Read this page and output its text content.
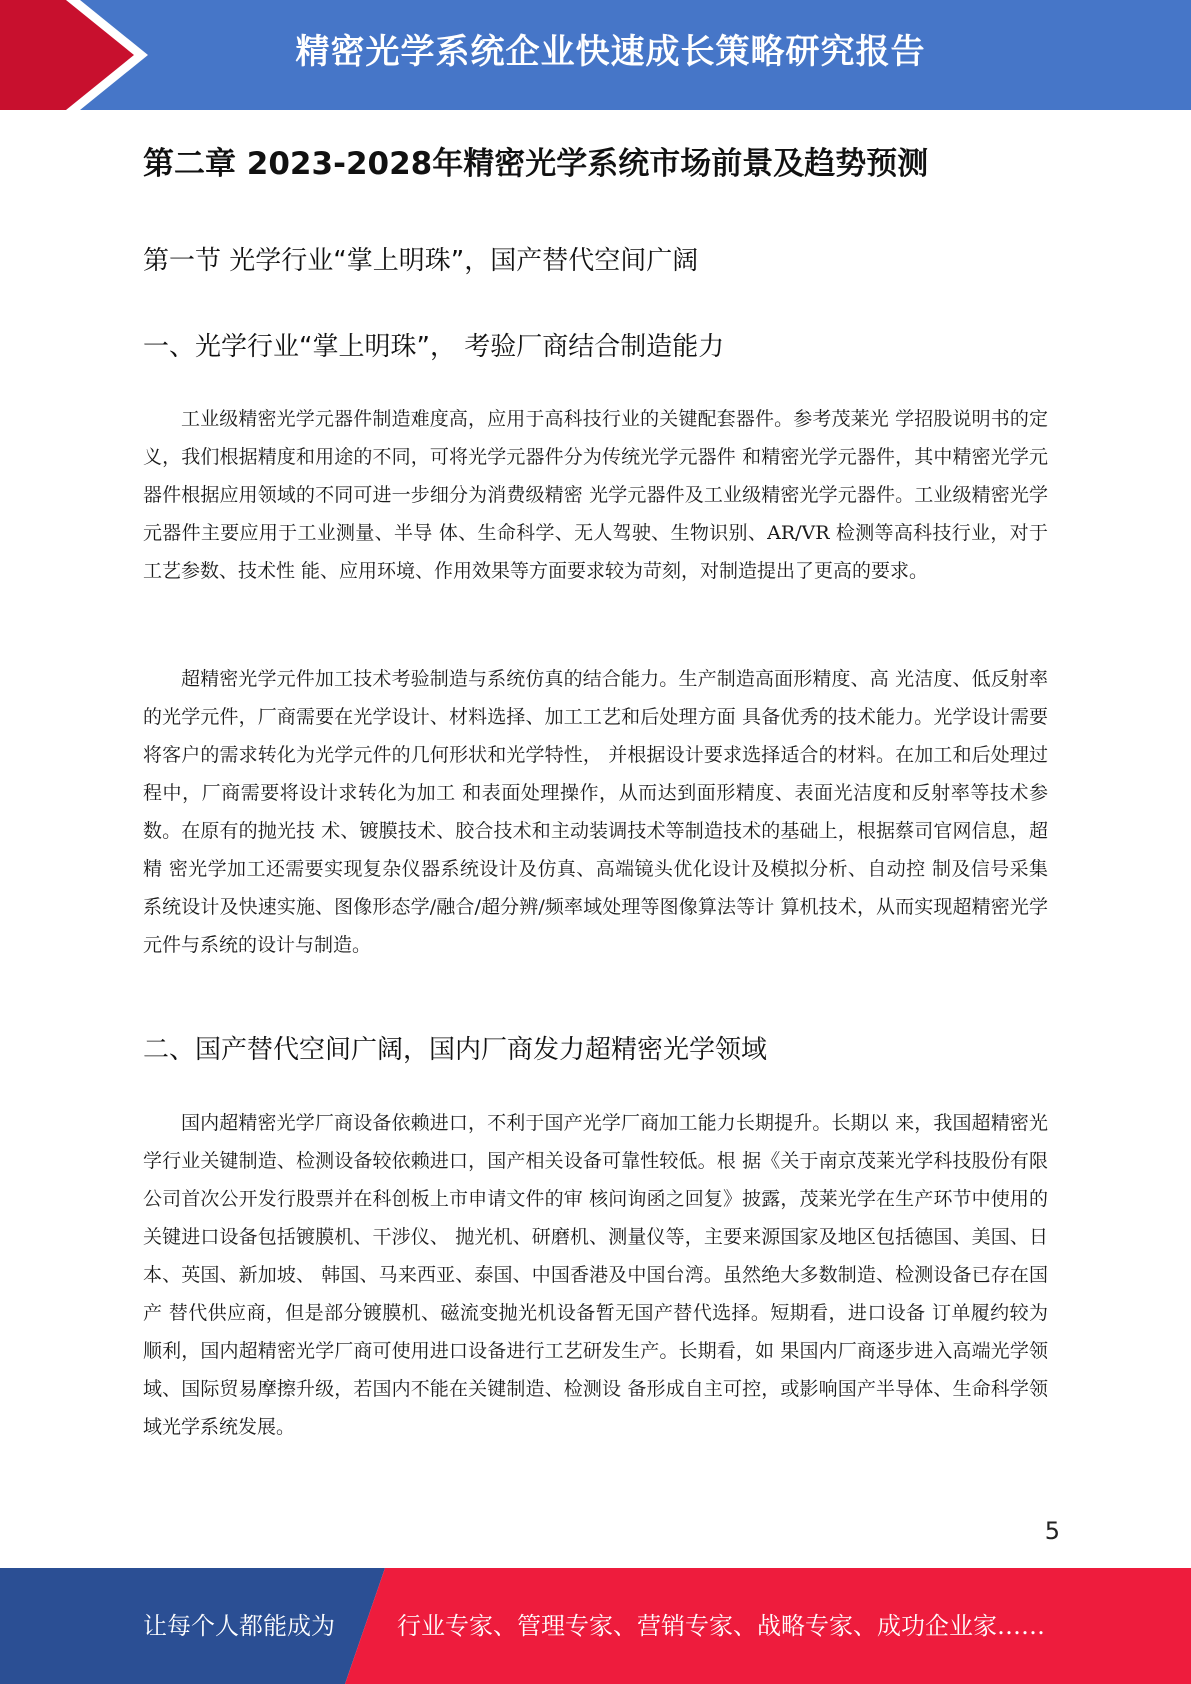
精密光学系统企业快速成长策略研究报告
第二章 2023-2028年精密光学系统市场前景及趋势预测
第一节 光学行业“掌上明珠”，国产替代空间广阔
一、光学行业“掌上明珠”， 考验厂商结合制造能力

工业级精密光学元器件制造难度高，应用于高科技行业的关键配套器件。参考茂莱光 学招股说明书的定义，我们根据精度和用途的不同，可将光学元器件分为传统光学元器件 和精密光学元器件，其中精密光学元器件根据应用领域的不同可进一步细分为消费级精密 光学元器件及工业级精密光学元器件。工业级精密光学元器件主要应用于工业测量、半导 体、生命科学、无人驾驶、生物识别、AR/VR 检测等高科技行业，对于工艺参数、技术性 能、应用环境、作用效果等方面要求较为苛刻，对制造提出了更高的要求。

超精密光学元件加工技术考验制造与系统仿真的结合能力。生产制造高面形精度、高 光洁度、低反射率的光学元件，厂商需要在光学设计、材料选择、加工工艺和后处理方面 具备优秀的技术能力。光学设计需要将客户的需求转化为光学元件的几何形状和光学特性， 并根据设计要求选择适合的材料。在加工和后处理过程中，厂商需要将设计求转化为加工 和表面处理操作，从而达到面形精度、表面光洁度和反射率等技术参数。在原有的抛光技 术、镀膜技术、胶合技术和主动装调技术等制造技术的基础上，根据蔡司官网信息，超精 密光学加工还需要实现复杂仪器系统设计及仿真、高端镜头优化设计及模拟分析、自动控 制及信号采集系统设计及快速实施、图像形态学/融合/超分辨/频率域处理等图像算法等计 算机技术，从而实现超精密光学元件与系统的设计与制造。

二、国产替代空间广阔，国内厂商发力超精密光学领域

国内超精密光学厂商设备依赖进口，不利于国产光学厂商加工能力长期提升。长期以 来，我国超精密光学行业关键制造、检测设备较依赖进口，国产相关设备可靠性较低。根 据《关于南京茂莱光学科技股份有限公司首次公开发行股票并在科创板上市申请文件的审 核问询函之回复》披露，茂莱光学在生产环节中使用的关键进口设备包括镀膜机、干涉仪、 抛光机、研磨机、测量仪等，主要来源国家及地区包括德国、美国、日本、英国、新加坡、 韩国、马来西亚、泰国、中国香港及中国台湾。虽然绝大多数制造、检测设备已存在国产 替代供应商，但是部分镀膜机、磁流变抛光机设备暂无国产替代选择。短期看，进口设备 订单履约较为顺利，国内超精密光学厂商可使用进口设备进行工艺研发生产。长期看，如 果国内厂商逐步进入高端光学领域、国际贸易摩擦升级，若国内不能在关键制造、检测设 备形成自主可控，或影响国产半导体、生命科学领域光学系统发展。

5
让每个人都能成为	行业专家、管理专家、营销专家、战略专家、成功企业家……
